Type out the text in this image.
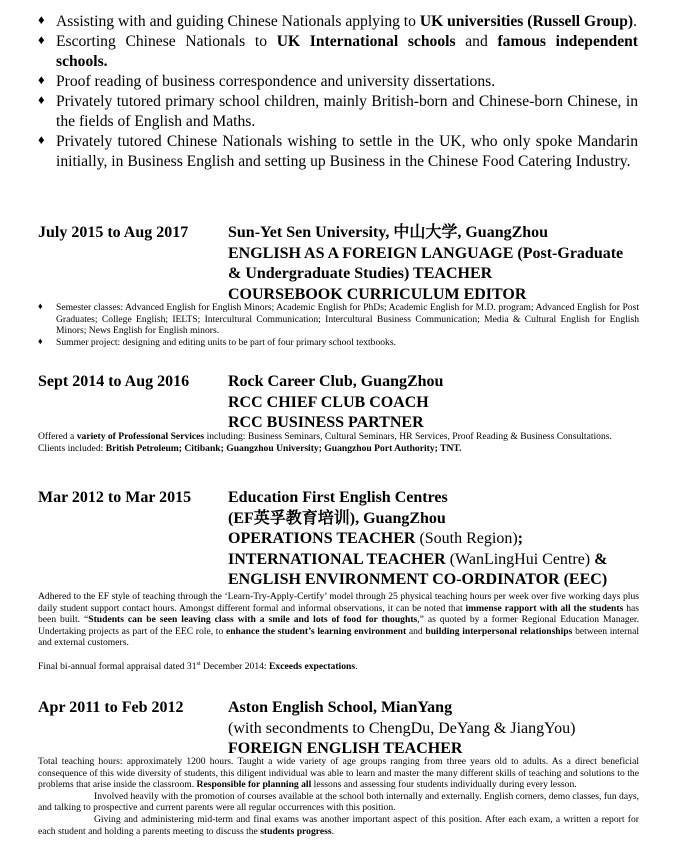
♦ Assisting with and guiding Chinese Nationals applying to UK universities (Russell Group).
♦ Escorting Chinese Nationals to UK International schools and famous independent schools.
♦ Proof reading of business correspondence and university dissertations.
♦ Privately tutored primary school children, mainly British-born and Chinese-born Chinese, in the fields of English and Maths.
♦ Privately tutored Chinese Nationals wishing to settle in the UK, who only spoke Mandarin initially, in Business English and setting up Business in the Chinese Food Catering Industry.
July 2015 to Aug 2017 Sun-Yet Sen University, 中山大学, GuangZhou
ENGLISH AS A FOREIGN LANGUAGE (Post-Graduate
& Undergraduate Studies) TEACHER
COURSEBOOK CURRICULUM EDITOR
♦ Semester classes: Advanced English for English Minors; Academic English for PhDs; Academic English for M.D. program; Advanced English for Post Graduates; College English; IELTS; Intercultural Communication; Intercultural Business Communication; Media & Cultural English for English Minors; News English for English minors.
♦ Summer project: designing and editing units to be part of four primary school textbooks.
Sept 2014 to Aug 2016 Rock Career Club, GuangZhou
RCC CHIEF CLUB COACH
RCC BUSINESS PARTNER
Offered a variety of Professional Services including: Business Seminars, Cultural Seminars, HR Services, Proof Reading & Business Consultations.
Clients included: British Petroleum; Citibank; Guangzhou University; Guangzhou Port Authority; TNT.
Mar 2012 to Mar 2015 Education First English Centres
(EF英孚教育培训), GuangZhou
OPERATIONS TEACHER (South Region);
INTERNATIONAL TEACHER (WanLingHui Centre) &
ENGLISH ENVIRONMENT CO-ORDINATOR (EEC)
Adhered to the EF style of teaching through the ‘Learn-Try-Apply-Certify’ model through 25 physical teaching hours per week over five working days plus daily student support contact hours. Amongst different formal and informal observations, it can be noted that immense rapport with all the students has been built. “Students can be seen leaving class with a smile and lots of food for thoughts,” as quoted by a former Regional Education Manager. Undertaking projects as part of the EEC role, to enhance the student’s learning environment and building interpersonal relationships between internal and external customers.
Final bi-annual formal appraisal dated 31st December 2014: Exceeds expectations.
Apr 2011 to Feb 2012	Aston English School, MianYang
(with secondments to ChengDu, DeYang & JiangYou)
FOREIGN ENGLISH TEACHER
Total teaching hours: approximately 1200 hours. Taught a wide variety of age groups ranging from three years old to adults. As a direct beneficial consequence of this wide diversity of students, this diligent individual was able to learn and master the many different skills of teaching and solutions to the problems that arise inside the classroom. Responsible for planning all lessons and assessing four students individually during every lesson.
Involved heavily with the promotion of courses available at the school both internally and externally. English corners, demo classes, fun days, and talking to prospective and current parents were all regular occurrences with this position.
Giving and administering mid-term and final exams was another important aspect of this position. After each exam, a written a report for each student and holding a parents meeting to discuss the students progress.
